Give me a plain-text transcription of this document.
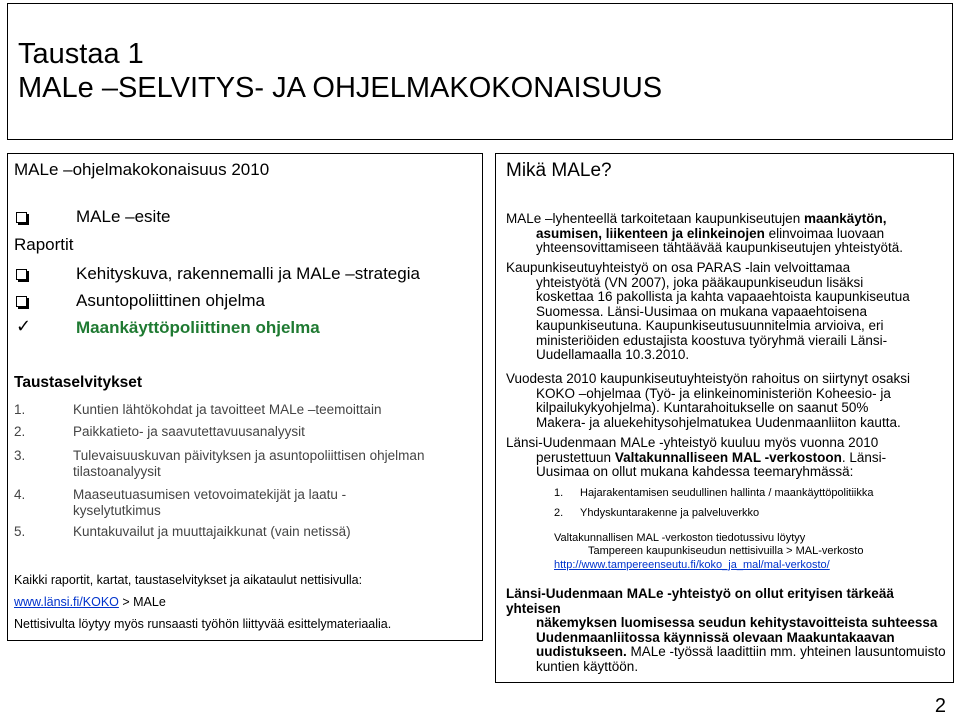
Taustaa 1
MALe –SELVITYS- JA OHJELMAKOKONAISUUS
MALe –ohjelmakokonaisuus 2010
MALe –esite
Raportit
Kehityskuva, rakennemalli ja MALe –strategia
Asuntopoliittinen ohjelma
✓	Maankäyttöpoliittinen ohjelma
Taustaselvitykset
1.	Kuntien lähtökohdat ja tavoitteet MALe –teemoittain
2.	Paikkatieto- ja saavutettavuusanalyysit
3.	Tulevaisuuskuvan päivityksen ja asuntopoliittisen ohjelman
tilastoanalyysit
4.	Maaseutuasumisen vetovoimatekijät ja laatu -
kyselytutkimus
5.	Kuntakuvailut ja muuttajaikkunat (vain netissä)
Kaikki raportit, kartat, taustaselvitykset ja aikataulut nettisivulla:
www.länsi.fi/KOKO > MALe
Nettisivulta löytyy myös runsaasti työhön liittyvää esittelymateriaalia.
Mikä MALe?
MALe –lyhenteellä tarkoitetaan kaupunkiseutujen maankäytön,
asumisen, liikenteen ja elinkeinojen elinvoimaa luovaan
yhteensovittamiseen tähtäävää kaupunkiseutujen yhteistyötä.
Kaupunkiseutuyhteistyö on osa PARAS -lain velvoittamaa
yhteistyötä (VN 2007), joka pääkaupunkiseudun lisäksi
koskettaa 16 pakollista ja kahta vapaaehtoista kaupunkiseutua
Suomessa. Länsi-Uusimaa on mukana vapaaehtoisena
kaupunkiseutuna. Kaupunkiseutusuunnitelmia arvioiva, eri
ministeriöiden edustajista koostuva työryhmä vieraili Länsi-
Uudellamaalla 10.3.2010.
Vuodesta 2010 kaupunkiseutuyhteistyön rahoitus on siirtynyt osaksi
KOKO –ohjelmaa (Työ- ja elinkeinoministeriön Koheesio- ja
kilpailukykyohjelma). Kuntarahoitukselle on saanut 50%
Makera- ja aluekehitysohjelmatukea Uudenmaanliiton kautta.
Länsi-Uudenmaan MALe -yhteistyö kuuluu myös vuonna 2010
perustettuun Valtakunnalliseen MAL -verkostoon. Länsi-
Uusimaa on ollut mukana kahdessa teemaryhmässä:
1. Hajarakentamisen seudullinen hallinta / maankäyttöpolitiikka
2. Yhdyskuntarakenne ja palveluverkko
Valtakunnallisen MAL -verkoston tiedotussivu löytyy
Tampereen kaupunkiseudun nettisivuilla > MAL-verkosto
http://www.tampereenseutu.fi/koko_ja_mal/mal-verkosto/
Länsi-Uudenmaan MALe -yhteistyö on ollut erityisen tärkeää yhteisen
näkemyksen luomisessa seudun kehitystavoitteista suhteessa
Uudenmaanliitossa käynnissä olevaan Maakuntakaavan
uudistukseen. MALe -työssä laadittiin mm. yhteinen lausuntomuisto
kuntien käyttöön.
2
